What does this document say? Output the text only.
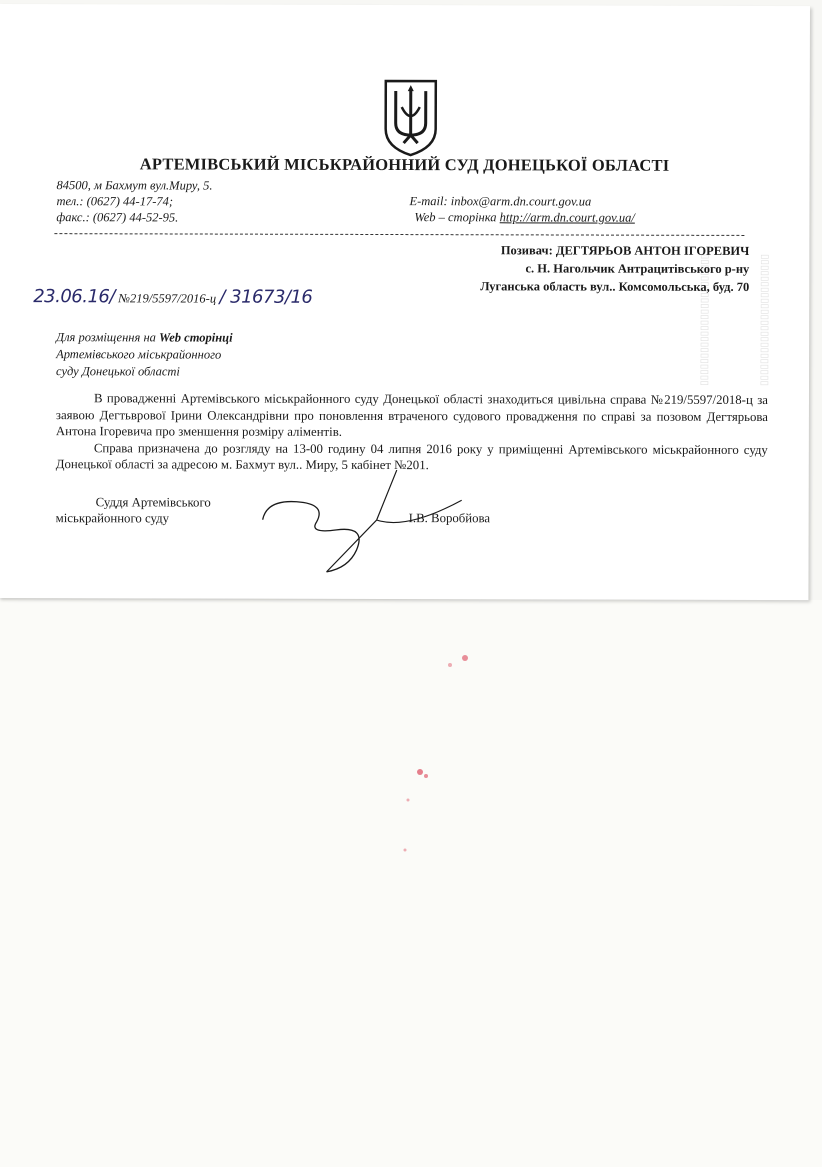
▯▯▯▯▯▯▯▯▯▯▯▯▯▯▯▯▯▯▯▯▯▯▯▯	▯▯▯▯▯▯▯▯▯▯▯▯▯▯▯▯▯▯▯▯▯▯▯▯
АРТЕМІВСЬКИЙ МІСЬКРАЙОННИЙ СУД ДОНЕЦЬКОЇ ОБЛАСТІ
84500, м Бахмут вул.Миру, 5.
тел.: (0627) 44-17-74;
факс.: (0627) 44-52-95.
E-mail: inbox@arm.dn.court.gov.ua
Web – сторінка http://arm.dn.court.gov.ua/
Позивач: ДЕГТЯРЬОВ АНТОН ІГОРЕВИЧ
с. Н. Нагольчик Антрацитівського р-ну
Луганська область вул.. Комсомольська, буд. 70
23.06.16/ №219/5597/2016-ц / 31673/16
Для розміщення на Web сторінці
Артемівського міськрайонного
суду Донецької області

В провадженні Артемівського міськрайонного суду Донецької області знаходиться цивільна справа №219/5597/2018-ц за заявою Дегтьврової Ірини Олександрівни про поновлення втраченого судового провадження по справі за позовом Дегтярьова Антона Ігоревича про зменшення розміру аліментів.

Справа призначена до розгляду на 13-00 годину 04 липня 2016 року у приміщенні Артемівського міськрайонного суду Донецької області за адресою м. Бахмут вул.. Миру, 5 кабінет №201.

Суддя Артемівського
міськрайонного суду	І.В. Воробйова
